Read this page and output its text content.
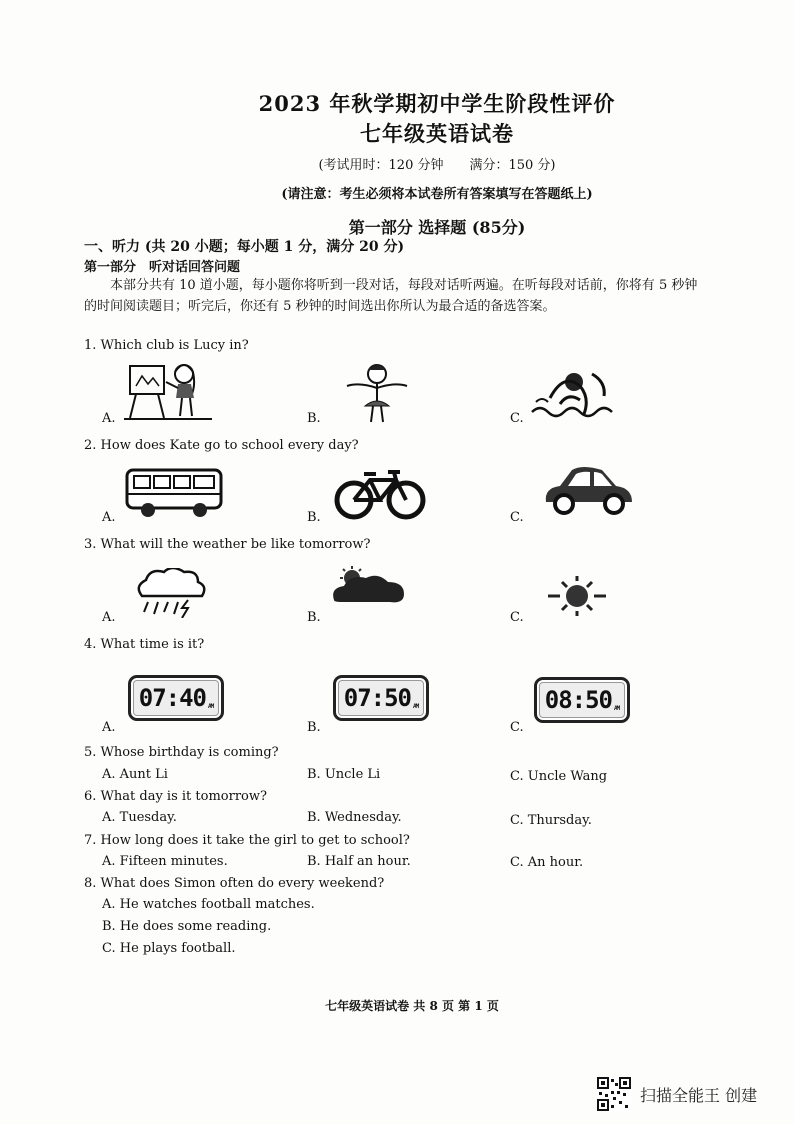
2023 年秋学期初中学生阶段性评价
七年级英语试卷
(考试用时：120 分钟　　满分：150 分)
(请注意：考生必须将本试卷所有答案填写在答题纸上)
第一部分 选择题 (85分)
一、听力 (共 20 小题；每小题 1 分，满分 20 分)
第一部分　听对话回答问题
本部分共有 10 道小题，每小题你将听到一段对话，每段对话听两遍。在听每段对话前，你将有 5 秒钟的时间阅读题目；听完后，你还有 5 秒钟的时间选出你所认为最合适的备选答案。
1. Which club is Lucy in?
A.	B.	C.
2. How does Kate go to school every day?
A.	B.	C.
3. What will the weather be like tomorrow?
A.	B.	C.
4. What time is it?
A.
07:40 AM
B.
07:50 AM
C.
08:50 AM
5. Whose birthday is coming?
A. Aunt Li	B. Uncle Li	C. Uncle Wang
6. What day is it tomorrow?
A. Tuesday.	B. Wednesday.	C. Thursday.
7. How long does it take the girl to get to school?
A. Fifteen minutes.	B. Half an hour.	C. An hour.
8. What does Simon often do every weekend?
A. He watches football matches.
B. He does some reading.
C. He plays football.
七年级英语试卷 共 8 页 第 1 页
扫描全能王 创建
